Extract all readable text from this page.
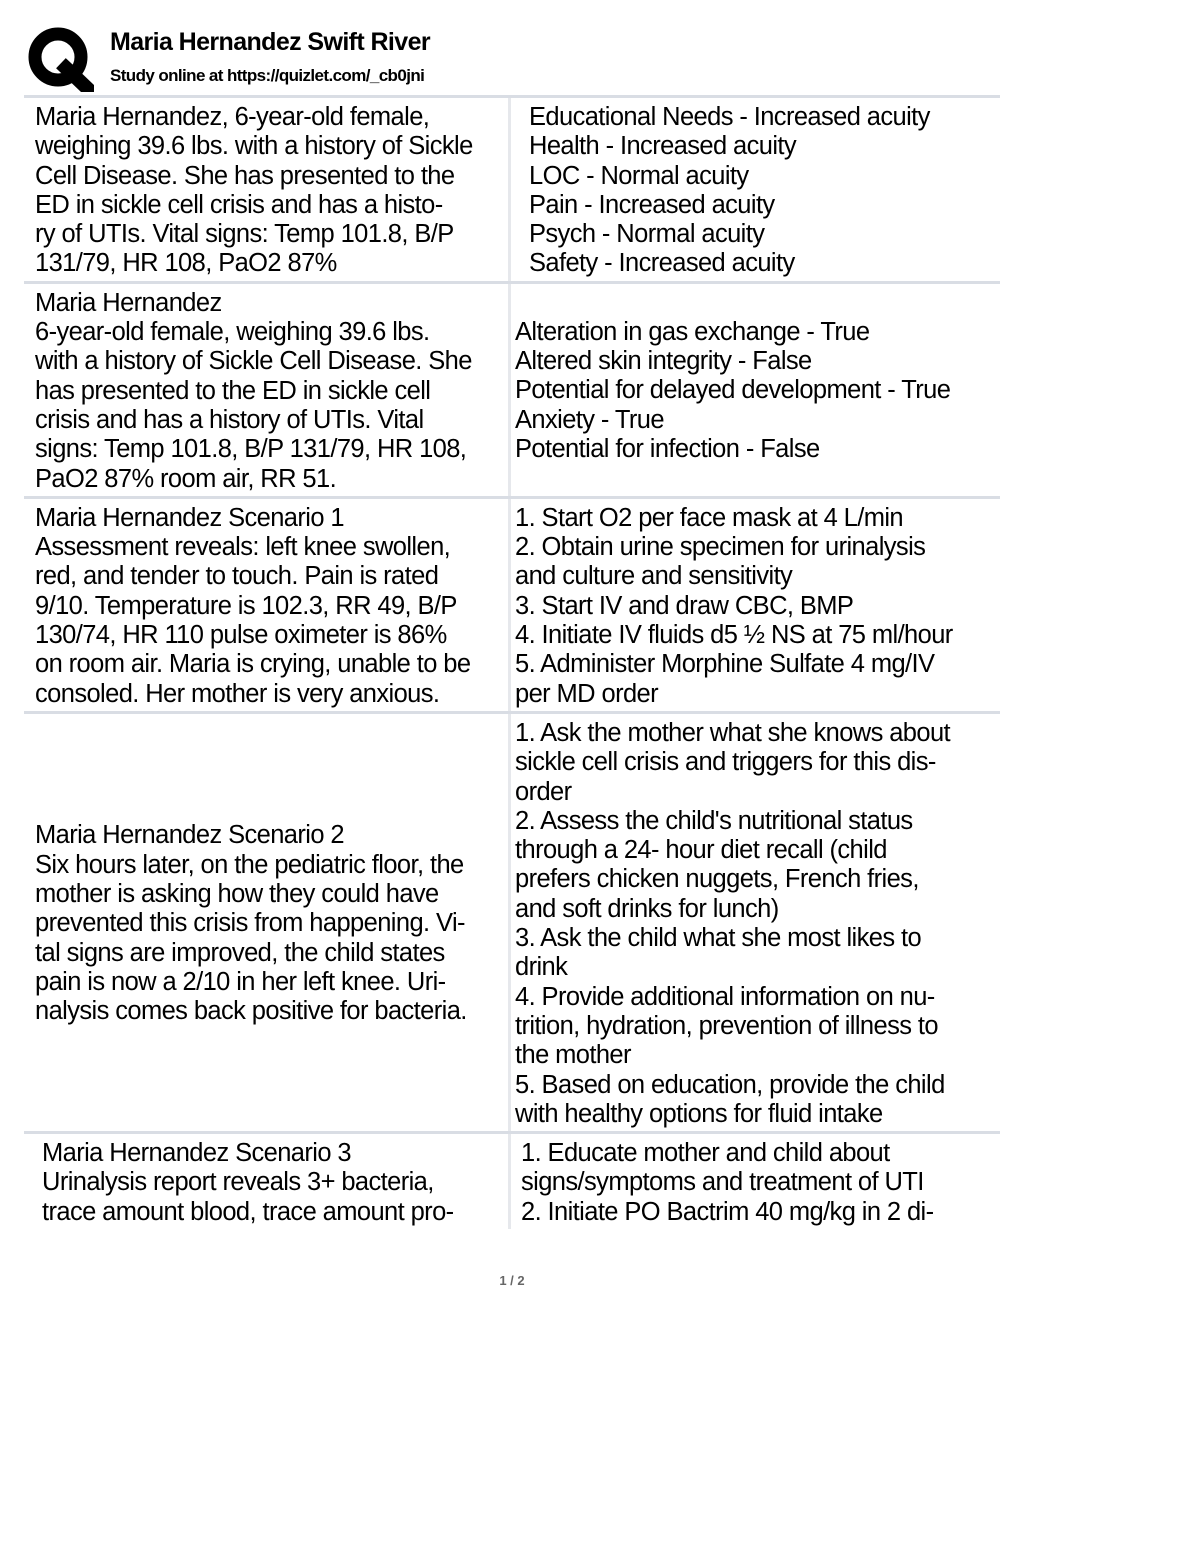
Maria Hernandez Swift River
Study online at https://quizlet.com/_cb0jni
Maria Hernandez, 6-year-old female,
weighing 39.6 lbs. with a history of Sickle
Cell Disease. She has presented to the
ED in sickle cell crisis and has a histo-
ry of UTIs. Vital signs: Temp 101.8, B/P
131/79, HR 108, PaO2 87%
Educational Needs - Increased acuity
Health - Increased acuity
LOC - Normal acuity
Pain - Increased acuity
Psych - Normal acuity
Safety - Increased acuity
Maria Hernandez
6-year-old female, weighing 39.6 lbs.
with a history of Sickle Cell Disease. She
has presented to the ED in sickle cell
crisis and has a history of UTIs. Vital
signs: Temp 101.8, B/P 131/79, HR 108,
PaO2 87% room air, RR 51.
Alteration in gas exchange - True
Altered skin integrity - False
Potential for delayed development - True
Anxiety - True
Potential for infection - False
Maria Hernandez Scenario 1
Assessment reveals: left knee swollen,
red, and tender to touch. Pain is rated
9/10. Temperature is 102.3, RR 49, B/P
130/74, HR 110 pulse oximeter is 86%
on room air. Maria is crying, unable to be
consoled. Her mother is very anxious.
1. Start O2 per face mask at 4 L/min
2. Obtain urine specimen for urinalysis
and culture and sensitivity
3. Start IV and draw CBC, BMP
4. Initiate IV fluids d5 ½ NS at 75 ml/hour
5. Administer Morphine Sulfate 4 mg/IV
per MD order
Maria Hernandez Scenario 2
Six hours later, on the pediatric floor, the
mother is asking how they could have
prevented this crisis from happening. Vi-
tal signs are improved, the child states
pain is now a 2/10 in her left knee. Uri-
nalysis comes back positive for bacteria.
1. Ask the mother what she knows about
sickle cell crisis and triggers for this dis-
order
2. Assess the child's nutritional status
through a 24- hour diet recall (child
prefers chicken nuggets, French fries,
and soft drinks for lunch)
3. Ask the child what she most likes to
drink
4. Provide additional information on nu-
trition, hydration, prevention of illness to
the mother
5. Based on education, provide the child
with healthy options for fluid intake
Maria Hernandez Scenario 3
Urinalysis report reveals 3+ bacteria,
trace amount blood, trace amount pro-
1. Educate mother and child about
signs/symptoms and treatment of UTI
2. Initiate PO Bactrim 40 mg/kg in 2 di-
1 / 2
